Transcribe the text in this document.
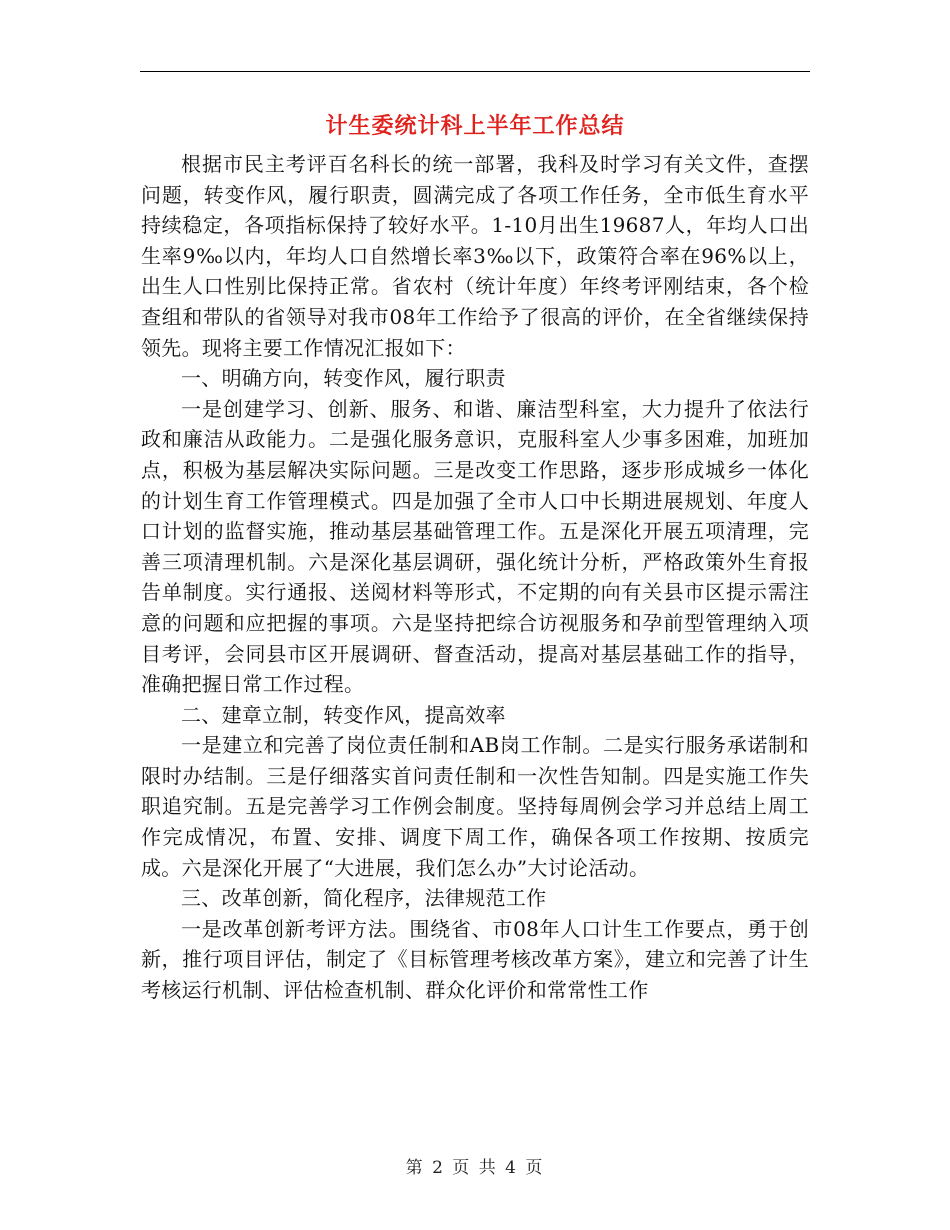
计生委统计科上半年工作总结

根据市民主考评百名科长的统一部署，我科及时学习有关文件，查摆问题，转变作风，履行职责，圆满完成了各项工作任务，全市低生育水平持续稳定，各项指标保持了较好水平。1-10月出生19687人，年均人口出生率9‰以内，年均人口自然增长率3‰以下，政策符合率在96%以上，出生人口性别比保持正常。省农村（统计年度）年终考评刚结束，各个检查组和带队的省领导对我市08年工作给予了很高的评价，在全省继续保持领先。现将主要工作情况汇报如下：

一、明确方向，转变作风，履行职责

一是创建学习、创新、服务、和谐、廉洁型科室，大力提升了依法行政和廉洁从政能力。二是强化服务意识，克服科室人少事多困难，加班加点，积极为基层解决实际问题。三是改变工作思路，逐步形成城乡一体化的计划生育工作管理模式。四是加强了全市人口中长期进展规划、年度人口计划的监督实施，推动基层基础管理工作。五是深化开展五项清理，完善三项清理机制。六是深化基层调研，强化统计分析，严格政策外生育报告单制度。实行通报、送阅材料等形式，不定期的向有关县市区提示需注意的问题和应把握的事项。六是坚持把综合访视服务和孕前型管理纳入项目考评，会同县市区开展调研、督查活动，提高对基层基础工作的指导，准确把握日常工作过程。

二、建章立制，转变作风，提高效率

一是建立和完善了岗位责任制和AB岗工作制。二是实行服务承诺制和限时办结制。三是仔细落实首问责任制和一次性告知制。四是实施工作失职追究制。五是完善学习工作例会制度。坚持每周例会学习并总结上周工作完成情况，布置、安排、调度下周工作，确保各项工作按期、按质完成。六是深化开展了“大进展，我们怎么办”大讨论活动。

三、改革创新，简化程序，法律规范工作

一是改革创新考评方法。围绕省、市08年人口计生工作要点，勇于创新，推行项目评估，制定了《目标管理考核改革方案》，建立和完善了计生考核运行机制、评估检查机制、群众化评价和常常性工作

第 2 页 共 4 页
